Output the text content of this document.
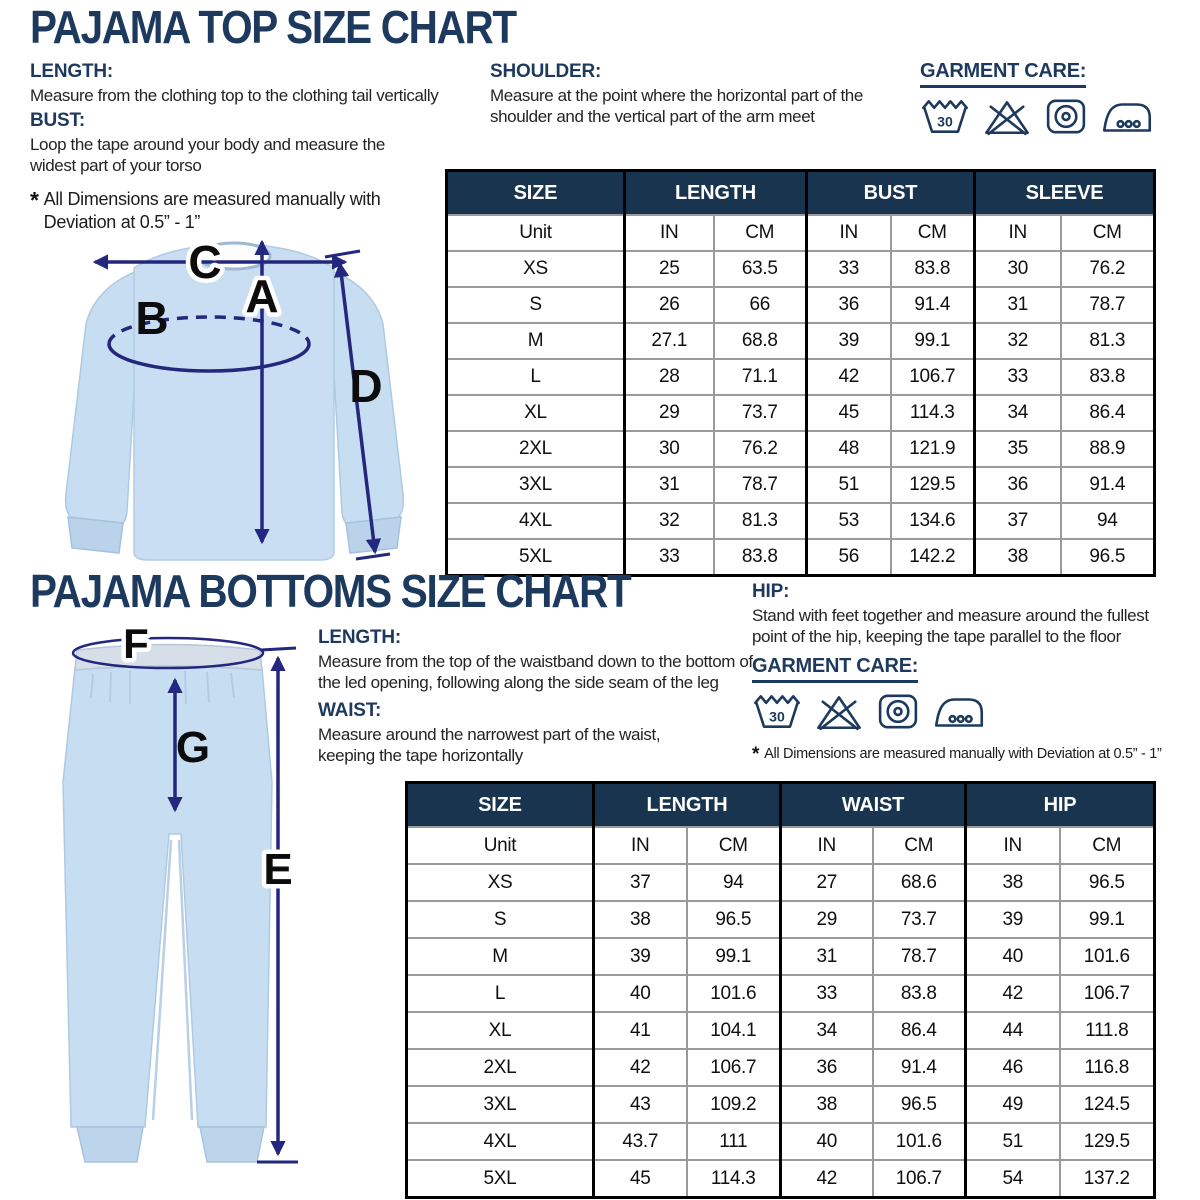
PAJAMA TOP SIZE CHART

LENGTH:

Measure from the clothing top to the clothing tail vertically

BUST:

Loop the tape around your body and measure the widest part of your torso

* All Dimensions are measured manually with Deviation at 0.5” - 1”

SHOULDER:

Measure at the point where the horizontal part of the shoulder and the vertical part of the arm meet

GARMENT CARE:
C
A
B
D
SIZE	LENGTH		BUST		SLEEVE	
Unit	IN	CM	IN	CM	IN	CM
XS	25	63.5	33	83.8	30	76.2
S	26	66	36	91.4	31	78.7
M	27.1	68.8	39	99.1	32	81.3
L	28	71.1	42	106.7	33	83.8
XL	29	73.7	45	114.3	34	86.4
2XL	30	76.2	48	121.9	35	88.9
3XL	31	78.7	51	129.5	36	91.4
4XL	32	81.3	53	134.6	37	94
5XL	33	83.8	56	142.2	38	96.5
PAJAMA BOTTOMS SIZE CHART
F
G
E

LENGTH:

Measure from the top of the waistband down to the bottom of the led opening, following along the side seam of the leg

WAIST:

Measure around the narrowest part of the waist, keeping the tape horizontally

HIP:

Stand with feet together and measure around the fullest point of the hip, keeping the tape parallel to the floor

GARMENT CARE:
* All Dimensions are measured manually with Deviation at 0.5” - 1”
SIZE	LENGTH		WAIST		HIP	
Unit	IN	CM	IN	CM	IN	CM
XS	37	94	27	68.6	38	96.5
S	38	96.5	29	73.7	39	99.1
M	39	99.1	31	78.7	40	101.6
L	40	101.6	33	83.8	42	106.7
XL	41	104.1	34	86.4	44	111.8
2XL	42	106.7	36	91.4	46	116.8
3XL	43	109.2	38	96.5	49	124.5
4XL	43.7	111	40	101.6	51	129.5
5XL	45	114.3	42	106.7	54	137.2
